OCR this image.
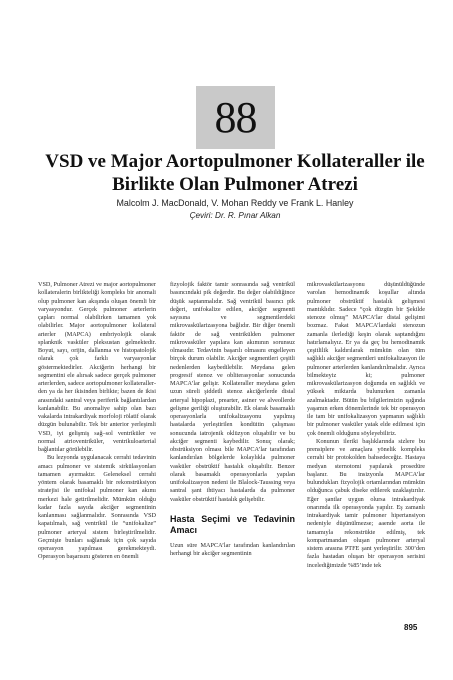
88
VSD ve Major Aortopulmoner Kollateraller ile
Birlikte Olan Pulmoner Atrezi
Malcolm J. MacDonald, V. Mohan Reddy ve Frank L. Hanley
Çeviri: Dr. R. Pınar Alkan

VSD, Pulmoner Atrezi ve major aortopulmoner kollateralerin birlikteliği kompleks bir anomali olup pulmoner kan akışında oluşan önemli bir varyasyondur. Gerçek pulmoner arterlerin çapları normal olabilirken tamamen yok olabilirler. Major aortopulmoner kollateral arterler (MAPCA) embriyolojik olarak splanknik vasküler pleksustan gelmektedir. Boyut, sayı, orijin, dallanma ve histopatolojik olarak çok farklı varyasyonlar göstermektedirler. Akciğerin herhangi bir segmentini ele alırsak sadece gerçek pulmoner arterlerden, sadece aortopulmoner kollaterallerden ya da her ikisinden birlikte; bazen de ikisi arasındaki santral veya periferik bağlantılardan kanlanabilir. Bu anomaliye sahip olan bazı vakalarda intrakardiyak morfoloji rölatif olarak düzgün bulunabilir. Tek bir anterior yerleşimli VSD, iyi gelişmiş sağ–sol ventriküler ve normal atrioventriküler, ventrikuloarterial bağlantılar görülebilir.

Bu lezyonda uygulanacak cerrahi tedavinin amacı pulmoner ve sistemik sirkülasyonları tamamen ayırmaktır. Geleneksel cerrahi yöntem olarak basamaklı bir rekonstrüksiyon stratejisi ile unifokal pulmoner kan akımı merkezi hale getirilmelidir. Mümkün olduğu kadar fazla sayıda akciğer segmentinin kanlanması sağlanmalıdır. Sonrasında VSD kapatılmalı, sağ ventrikül ile “unifokalize” pulmoner arteryal sistem birleştirilmelidir. Geçmişte bunları sağlamak için çok sayıda operasyon yapılması gerekmekteydi. Operasyon başarısını gösteren en önemli

fizyolojik faktör tamir sonrasında sağ ventrikül basıncındaki pik değerdir. Bu değer olabildiğince düşük saptanmalıdır. Sağ ventrikül basıncı pik değeri, unifokalize edilen, akciğer segmenti sayısına ve segmentlerdeki mikrovaskülarizasyona bağlıdır. Bir diğer önemli faktör de sağ ventrikülden pulmoner mikrovasküler yapılara kan akımının sorunsuz olmasıdır. Tedavinin başarılı olmasını engelleyen birçok durum olabilir. Akciğer segmentleri çeşitli nedenlerden kaybedilebilir. Meydana gelen progresif stenoz ve obliterasyonlar sonucunda MAPCA’lar gelişir. Kollateraller meydana gelen uzun süreli şiddetli stenoz akciğerlerde distal arteryal hipoplazi, prearter, asiner ve alveollerde gelişme geriliği oluşturabilir. Ek olarak basamaklı operasyonlarla unifokalizasyonu yapılmış hastalarda yerleştirilen kondüitin çalışması sonucunda iatrojenik oklüzyon oluşabilir ve bu akciğer segmenti kaybedilir. Sonuç olarak; obstrüksiyon olması bile MAPCA’lar tarafından kanlandırılan bölgelerde kolaylıkla pulmoner vasküler obstrüktif hastalık oluşabilir. Benzer olarak basamaklı operasyonlarla yapılan unifokalizasyon nedeni ile Blalock-Taussing veya santral şant ihtiyacı hastalarda da pulmoner vasküler obstrüktif hastalık gelişebilir.

Hasta Seçimi ve Tedavinin Amacı

Uzun süre MAPCA’lar tarafından kanlandırılan herhangi bir akciğer segmentinin

mikrovaskülarizasyonu düşünüldüğünde varolan hemodinamik koşullar altında pulmoner obstrüktif hastalık gelişmesi mantıklıdır. Sadece “çok düzgün bir Şekilde stenoze olmuş” MAPCA’lar distal gelişimi bozmaz. Fakat MAPCA’lardaki stenozun zamanla ilerlediği keşin olarak saptandığını hatırlamalıyız. Er ya da geç bu hemodinamik çeşitlilik kaldırılarak mümkün olan tüm sağlıklı akciğer segmentleri unifokalizasyon ile pulmoner arterlerden kanlandırılmalıdır. Ayrıca bilmekteyiz ki; pulmoner mikrovaskülarizasyon doğumda en sağlıklı ve yüksek miktarda bulunurken zamanla azalmaktadır. Bütün bu bilgilerimizin ışığında yaşamın erken dönemlerinde tek bir operasyon ile tam bir unifokalizasyon yapmanın sağlıklı bir pulmoner vasküler yatak elde edilmesi için çok önemli olduğunu söyleyebiliriz.

Konunun ileriki başlıklarında sizlere bu prensiplere ve amaçlara yönelik kompleks cerrahi bir protokolden bahsedeceğiz. Hastaya medyan sternotomi yapılarak prosedüre başlanır. Bu insizyonla MAPCA’lar bulundukları fizyolojik ortamlarından mümkün olduğunca çabuk diseke edilerek uzaklaştırılır. Eğer şantlar uygun olursa intrakardiyak onarımda ilk operasyonda yapılır. Eş zamanlı intrakardiyak tamir pulmoner hipertansiyon nedeniyle düşünülmezse; aaende aorta ile tamamıyla rekonstrükte edilmiş, tek kompartmandan oluşan pulmoner arteryal sistem arasına PTFE şant yerleştirilir. 300’den fazla hastadan oluşan bir operasyon serisini incelediğimizde %85’inde tek

895
